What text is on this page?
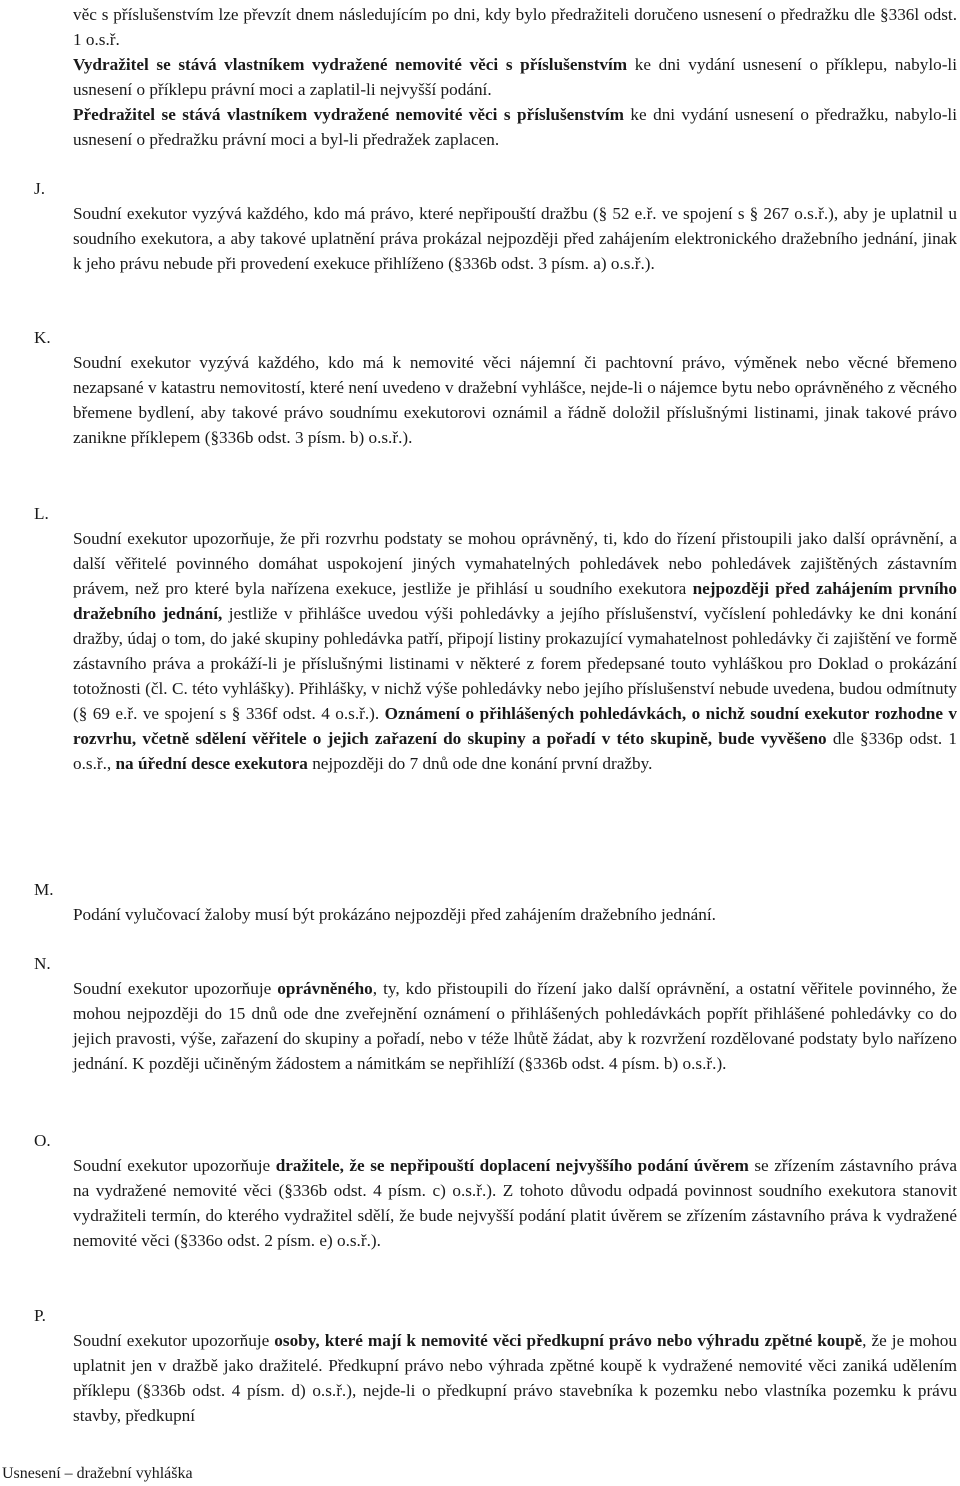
věc s příslušenstvím lze převzít dnem následujícím po dni, kdy bylo předražiteli doručeno usnesení o předražku dle §336l odst. 1 o.s.ř.

Vydražitel se stává vlastníkem vydražené nemovité věci s příslušenstvím ke dni vydání usnesení o příklepu, nabylo-li usnesení o příklepu právní moci a zaplatil-li nejvyšší podání.

Předražitel se stává vlastníkem vydražené nemovité věci s příslušenstvím ke dni vydání usnesení o předražku, nabylo-li usnesení o předražku právní moci a byl-li předražek zaplacen.

J.

Soudní exekutor vyzývá každého, kdo má právo, které nepřipouští dražbu (§ 52 e.ř. ve spojení s § 267 o.s.ř.), aby je uplatnil u soudního exekutora, a aby takové uplatnění práva prokázal nejpozději před zahájením elektronického dražebního jednání, jinak k jeho právu nebude při provedení exekuce přihlíženo (§336b odst. 3 písm. a) o.s.ř.).

K.

Soudní exekutor vyzývá každého, kdo má k nemovité věci nájemní či pachtovní právo, výměnek nebo věcné břemeno nezapsané v katastru nemovitostí, které není uvedeno v dražební vyhlášce, nejde-li o nájemce bytu nebo oprávněného z věcného břemene bydlení, aby takové právo soudnímu exekutorovi oznámil a řádně doložil příslušnými listinami, jinak takové právo zanikne příklepem (§336b odst. 3 písm. b) o.s.ř.).

L.

Soudní exekutor upozorňuje, že při rozvrhu podstaty se mohou oprávněný, ti, kdo do řízení přistoupili jako další oprávnění, a další věřitelé povinného domáhat uspokojení jiných vymahatelných pohledávek nebo pohledávek zajištěných zástavním právem, než pro které byla nařízena exekuce, jestliže je přihlásí u soudního exekutora nejpozději před zahájením prvního dražebního jednání, jestliže v přihlášce uvedou výši pohledávky a jejího příslušenství, vyčíslení pohledávky ke dni konání dražby, údaj o tom, do jaké skupiny pohledávka patří, připojí listiny prokazující vymahatelnost pohledávky či zajištění ve formě zástavního práva a prokáží-li je příslušnými listinami v některé z forem předepsané touto vyhláškou pro Doklad o prokázání totožnosti (čl. C. této vyhlášky). Přihlášky, v nichž výše pohledávky nebo jejího příslušenství nebude uvedena, budou odmítnuty (§ 69 e.ř. ve spojení s § 336f odst. 4 o.s.ř.). Oznámení o přihlášených pohledávkách, o nichž soudní exekutor rozhodne v rozvrhu, včetně sdělení věřitele o jejich zařazení do skupiny a pořadí v této skupině, bude vyvěšeno dle §336p odst. 1 o.s.ř., na úřední desce exekutora nejpozději do 7 dnů ode dne konání první dražby.

M.

Podání vylučovací žaloby musí být prokázáno nejpozději před zahájením dražebního jednání.

N.

Soudní exekutor upozorňuje oprávněného, ty, kdo přistoupili do řízení jako další oprávnění, a ostatní věřitele povinného, že mohou nejpozději do 15 dnů ode dne zveřejnění oznámení o přihlášených pohledávkách popřít přihlášené pohledávky co do jejich pravosti, výše, zařazení do skupiny a pořadí, nebo v téže lhůtě žádat, aby k rozvržení rozdělované podstaty bylo nařízeno jednání. K později učiněným žádostem a námitkám se nepřihlíží (§336b odst. 4 písm. b) o.s.ř.).

O.

Soudní exekutor upozorňuje dražitele, že se nepřipouští doplacení nejvyššího podání úvěrem se zřízením zástavního práva na vydražené nemovité věci (§336b odst. 4 písm. c) o.s.ř.). Z tohoto důvodu odpadá povinnost soudního exekutora stanovit vydražiteli termín, do kterého vydražitel sdělí, že bude nejvyšší podání platit úvěrem se zřízením zástavního práva k vydražené nemovité věci (§336o odst. 2 písm. e) o.s.ř.).

P.

Soudní exekutor upozorňuje osoby, které mají k nemovité věci předkupní právo nebo výhradu zpětné koupě, že je mohou uplatnit jen v dražbě jako dražitelé. Předkupní právo nebo výhrada zpětné koupě k vydražené nemovité věci zaniká udělením příklepu (§336b odst. 4 písm. d) o.s.ř.), nejde-li o předkupní právo stavebníka k pozemku nebo vlastníka pozemku k právu stavby, předkupní

Usnesení – dražební vyhláška
